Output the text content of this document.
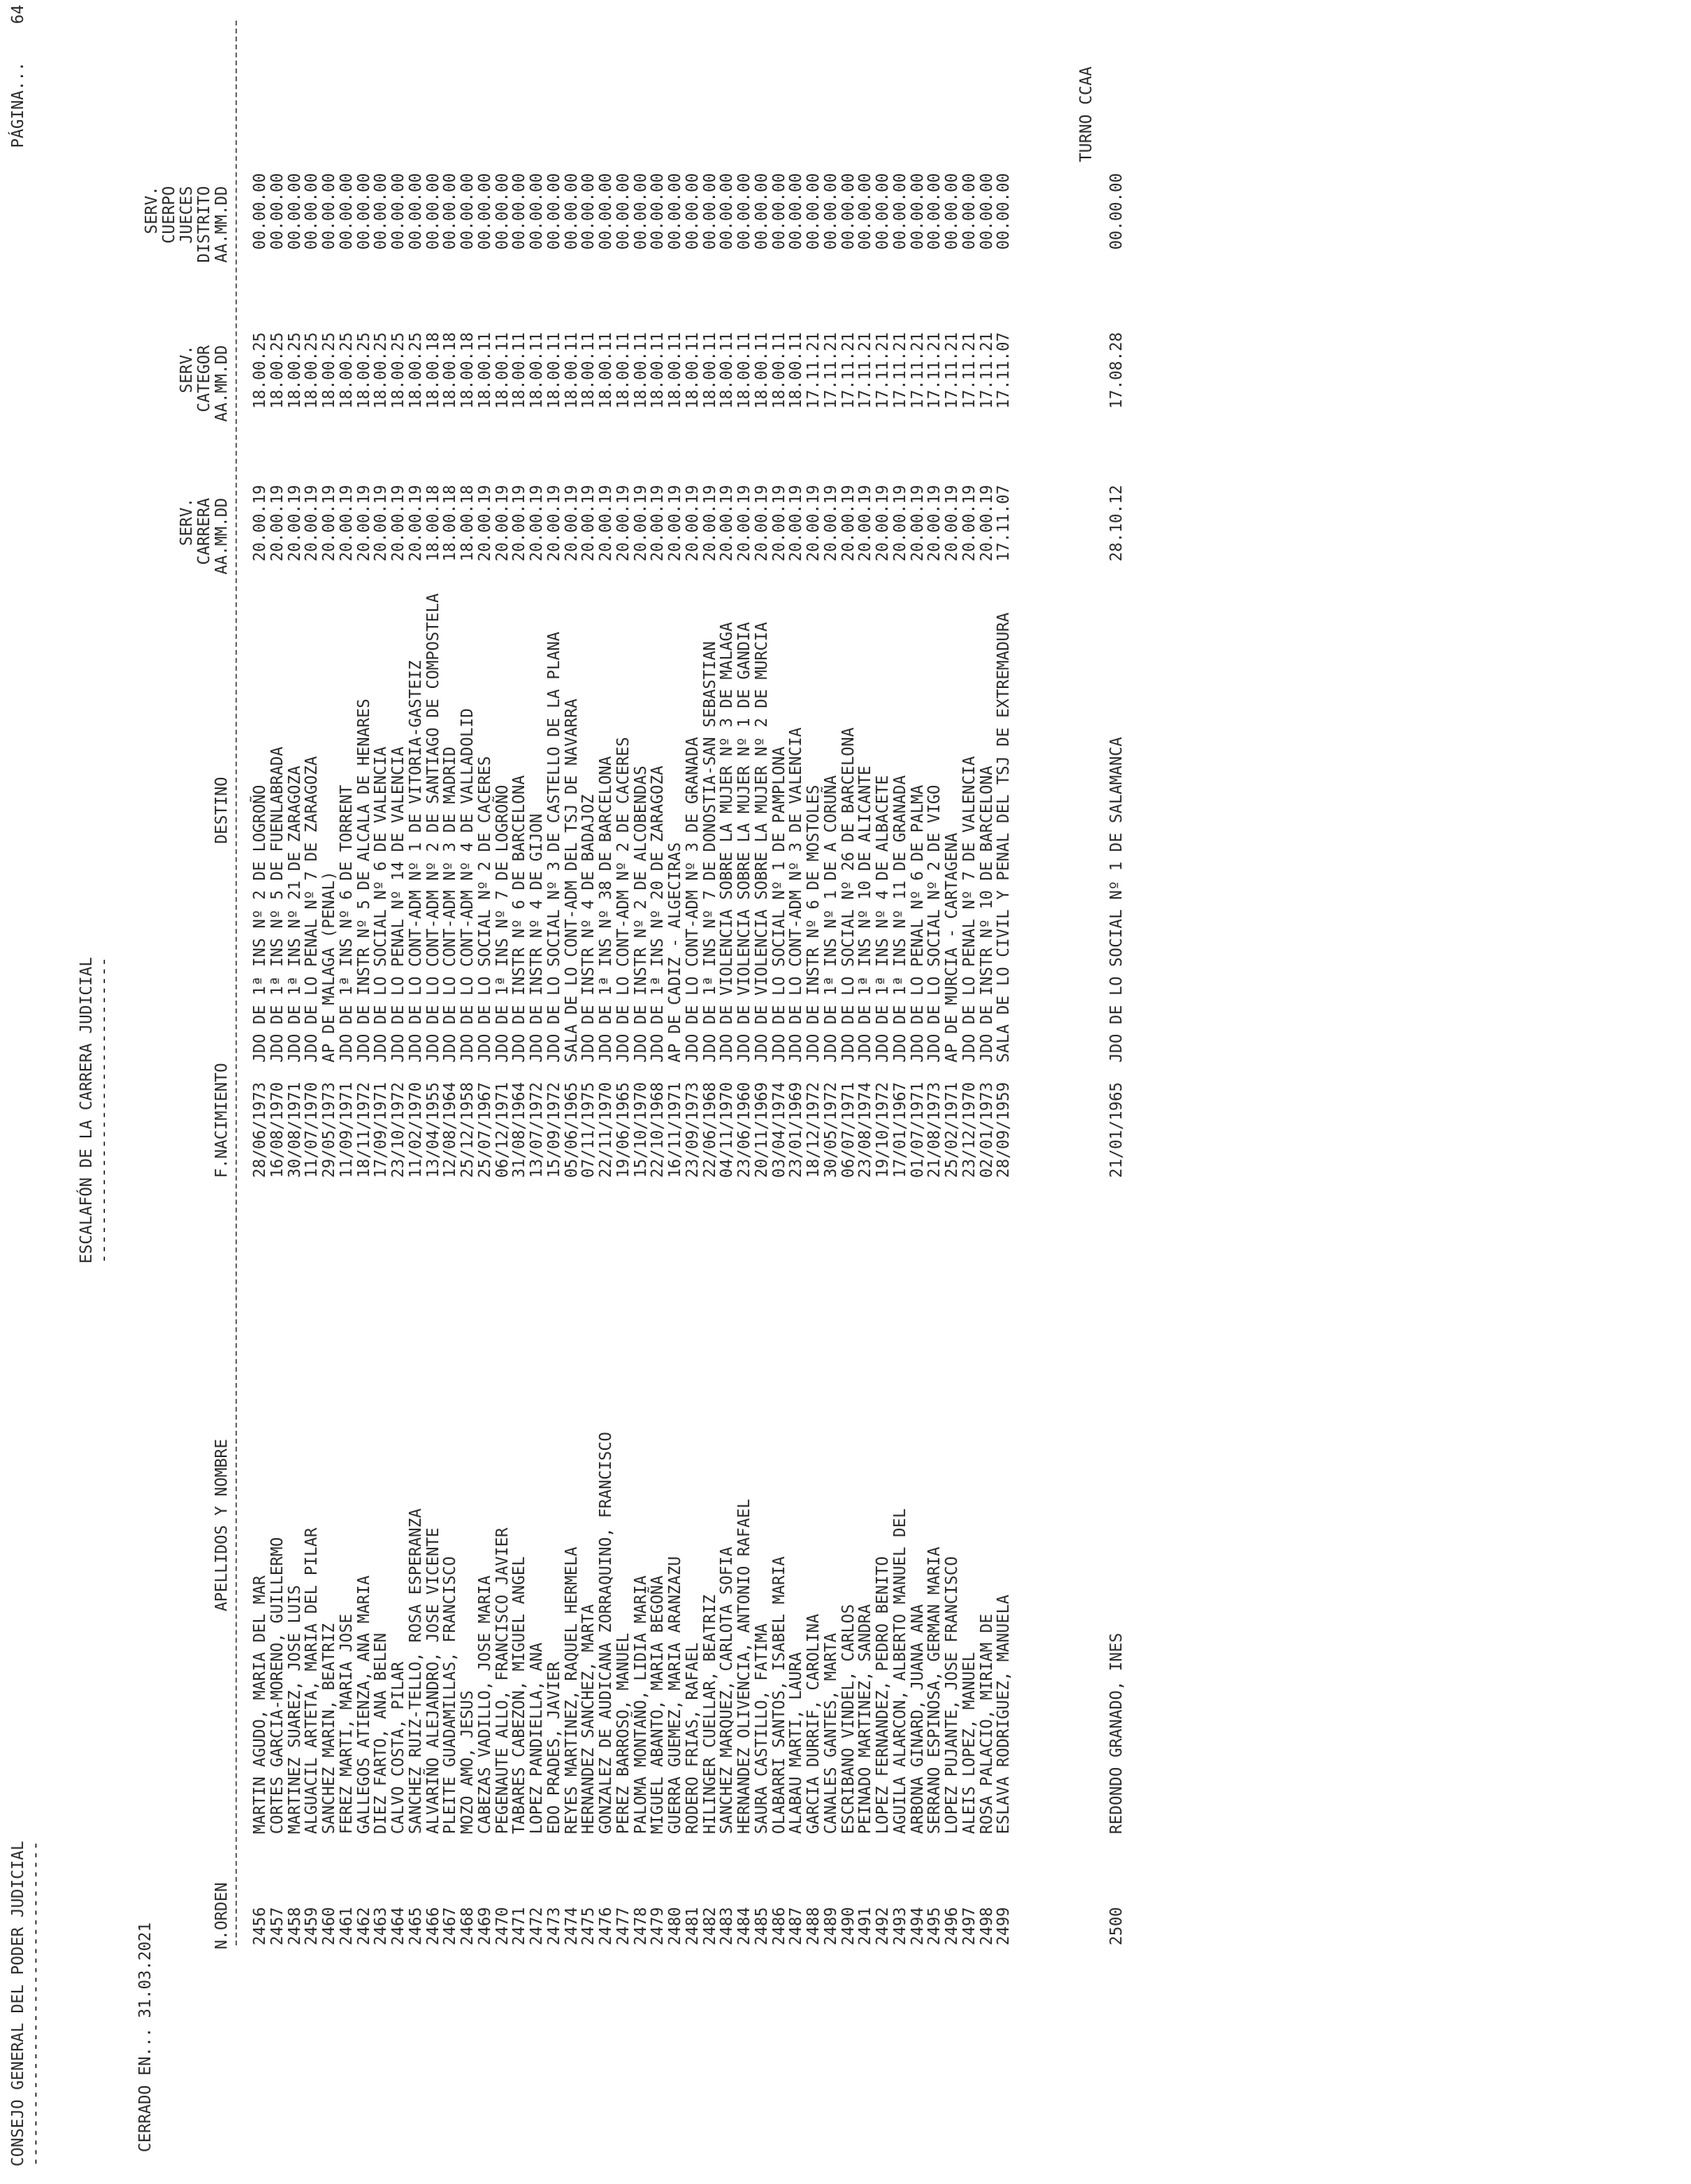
CONSEJO GENERAL DEL PODER JUDICIAL
----------------------------------
ESCALAFÓN DE LA CARRERA JUDICIAL
--------------------------------
PÁGINA...
64
CERRADO EN... 31.03.2021
SERV.
CUERPO
JUECES
DISTRITO
AA.MM.DD
SERV.
CATEGOR
AA.MM.DD
SERV.
CARRERA
AA.MM.DD
N.ORDEN
APELLIDOS Y NOMBRE
F.NACIMIENTO
DESTINO
2456
MARTIN AGUDO, MARIA DEL MAR
28/06/1973
JDO DE 1ª INS Nº 2 DE LOGROÑO
20.00.19
18.00.25
00.00.00
2457
CORTES GARCIA-MORENO, GUILLERMO
16/08/1970
JDO DE 1ª INS Nº 5 DE FUENLABRADA
20.00.19
18.00.25
00.00.00
2458
MARTINEZ SUAREZ, JOSE LUIS
30/08/1971
JDO DE 1ª INS Nº 21 DE ZARAGOZA
20.00.19
18.00.25
00.00.00
2459
ALGUACIL ARTETA, MARIA DEL PILAR
11/07/1970
JDO DE LO PENAL Nº 7 DE ZARAGOZA
20.00.19
18.00.25
00.00.00
2460
SANCHEZ MARIN, BEATRIZ
29/05/1973
AP DE MALAGA (PENAL)
20.00.19
18.00.25
00.00.00
2461
FEREZ MARTI, MARIA JOSE
11/09/1971
JDO DE 1ª INS Nº 6 DE TORRENT
20.00.19
18.00.25
00.00.00
2462
GALLEGOS ATIENZA, ANA MARIA
18/11/1972
JDO DE INSTR Nº 5 DE ALCALA DE HENARES
20.00.19
18.00.25
00.00.00
2463
DIEZ FARTO, ANA BELEN
17/09/1971
JDO DE LO SOCIAL Nº 6 DE VALENCIA
20.00.19
18.00.25
00.00.00
2464
CALVO COSTA, PILAR
23/10/1972
JDO DE LO PENAL Nº 14 DE VALENCIA
20.00.19
18.00.25
00.00.00
2465
SANCHEZ RUIZ-TELLO, ROSA ESPERANZA
11/02/1970
JDO DE LO CONT-ADM Nº 1 DE VITORIA-GASTEIZ
20.00.19
18.00.25
00.00.00
2466
ALVARIÑO ALEJANDRO, JOSE VICENTE
13/04/1955
JDO DE LO CONT-ADM Nº 2 DE SANTIAGO DE COMPOSTELA
18.00.18
18.00.18
00.00.00
2467
PLEITE GUADAMILLAS, FRANCISCO
12/08/1964
JDO DE LO CONT-ADM Nº 3 DE MADRID
18.00.18
18.00.18
00.00.00
2468
MOZO AMO, JESUS
25/12/1958
JDO DE LO CONT-ADM Nº 4 DE VALLADOLID
18.00.18
18.00.18
00.00.00
2469
CABEZAS VADILLO, JOSE MARIA
25/07/1967
JDO DE LO SOCIAL Nº 2 DE CACERES
20.00.19
18.00.11
00.00.00
2470
PEGENAUTE ALLO, FRANCISCO JAVIER
06/12/1971
JDO DE 1ª INS Nº 7 DE LOGROÑO
20.00.19
18.00.11
00.00.00
2471
TABARES CABEZON, MIGUEL ANGEL
31/08/1964
JDO DE INSTR Nº 6 DE BARCELONA
20.00.19
18.00.11
00.00.00
2472
LOPEZ PANDIELLA, ANA
13/07/1972
JDO DE INSTR Nº 4 DE GIJON
20.00.19
18.00.11
00.00.00
2473
EDO PRADES, JAVIER
15/09/1972
JDO DE LO SOCIAL Nº 3 DE CASTELLO DE LA PLANA
20.00.19
18.00.11
00.00.00
2474
REYES MARTINEZ, RAQUEL HERMELA
05/06/1965
SALA DE LO CONT-ADM DEL TSJ DE NAVARRA
20.00.19
18.00.11
00.00.00
2475
HERNANDEZ SANCHEZ, MARTA
07/11/1975
JDO DE INSTR Nº 4 DE BADAJOZ
20.00.19
18.00.11
00.00.00
2476
GONZALEZ DE AUDICANA ZORRAQUINO, FRANCISCO
22/11/1970
JDO DE 1ª INS Nº 38 DE BARCELONA
20.00.19
18.00.11
00.00.00
2477
PEREZ BARROSO, MANUEL
19/06/1965
JDO DE LO CONT-ADM Nº 2 DE CACERES
20.00.19
18.00.11
00.00.00
2478
PALOMA MONTAÑO, LIDIA MARIA
15/10/1970
JDO DE INSTR Nº 2 DE ALCOBENDAS
20.00.19
18.00.11
00.00.00
2479
MIGUEL ABANTO, MARIA BEGOÑA
22/10/1968
JDO DE 1ª INS Nº 20 DE ZARAGOZA
20.00.19
18.00.11
00.00.00
2480
GUERRA GUEMEZ, MARIA ARANZAZU
16/11/1971
AP DE CADIZ - ALGECIRAS
20.00.19
18.00.11
00.00.00
2481
RODERO FRIAS, RAFAEL
23/09/1973
JDO DE LO CONT-ADM Nº 3 DE GRANADA
20.00.19
18.00.11
00.00.00
2482
HILINGER CUELLAR, BEATRIZ
22/06/1968
JDO DE 1ª INS Nº 7 DE DONOSTIA-SAN SEBASTIAN
20.00.19
18.00.11
00.00.00
2483
SANCHEZ MARQUEZ, CARLOTA SOFIA
04/11/1970
JDO DE VIOLENCIA SOBRE LA MUJER Nº 3 DE MALAGA
20.00.19
18.00.11
00.00.00
2484
HERNANDEZ OLIVENCIA, ANTONIO RAFAEL
23/06/1960
JDO DE VIOLENCIA SOBRE LA MUJER Nº 1 DE GANDIA
20.00.19
18.00.11
00.00.00
2485
SAURA CASTILLO, FATIMA
20/11/1969
JDO DE VIOLENCIA SOBRE LA MUJER Nº 2 DE MURCIA
20.00.19
18.00.11
00.00.00
2486
OLABARRI SANTOS, ISABEL MARIA
03/04/1974
JDO DE LO SOCIAL Nº 1 DE PAMPLONA
20.00.19
18.00.11
00.00.00
2487
ALABAU MARTI, LAURA
23/01/1969
JDO DE LO CONT-ADM Nº 3 DE VALENCIA
20.00.19
18.00.11
00.00.00
2488
GARCIA DURRIF, CAROLINA
18/12/1972
JDO DE INSTR Nº 6 DE MOSTOLES
20.00.19
17.11.21
00.00.00
2489
CANALES GANTES, MARTA
30/05/1972
JDO DE 1ª INS Nº 1 DE A CORUÑA
20.00.19
17.11.21
00.00.00
2490
ESCRIBANO VINDEL, CARLOS
06/07/1971
JDO DE LO SOCIAL Nº 26 DE BARCELONA
20.00.19
17.11.21
00.00.00
2491
PEINADO MARTINEZ, SANDRA
23/08/1974
JDO DE 1ª INS Nº 10 DE ALICANTE
20.00.19
17.11.21
00.00.00
2492
LOPEZ FERNANDEZ, PEDRO BENITO
19/10/1972
JDO DE 1ª INS Nº 4 DE ALBACETE
20.00.19
17.11.21
00.00.00
2493
AGUILA ALARCON, ALBERTO MANUEL DEL
17/01/1967
JDO DE 1ª INS Nº 11 DE GRANADA
20.00.19
17.11.21
00.00.00
2494
ARBONA GINARD, JUANA ANA
01/07/1971
JDO DE LO PENAL Nº 6 DE PALMA
20.00.19
17.11.21
00.00.00
2495
SERRANO ESPINOSA, GERMAN MARIA
21/08/1973
JDO DE LO SOCIAL Nº 2 DE VIGO
20.00.19
17.11.21
00.00.00
2496
LOPEZ PUJANTE, JOSE FRANCISCO
25/02/1971
AP DE MURCIA - CARTAGENA
20.00.19
17.11.21
00.00.00
2497
ALEIS LOPEZ, MANUEL
23/12/1970
JDO DE LO PENAL Nº 7 DE VALENCIA
20.00.19
17.11.21
00.00.00
2498
ROSA PALACIO, MIRIAM DE
02/01/1973
JDO DE INSTR Nº 10 DE BARCELONA
20.00.19
17.11.21
00.00.00
2499
ESLAVA RODRIGUEZ, MANUELA
28/09/1959
SALA DE LO CIVIL Y PENAL DEL TSJ DE EXTREMADURA
17.11.07
17.11.07
00.00.00
2500
REDONDO GRANADO, INES
21/01/1965
JDO DE LO SOCIAL Nº 1 DE SALAMANCA
28.10.12
17.08.28
00.00.00
TURNO CCAA
